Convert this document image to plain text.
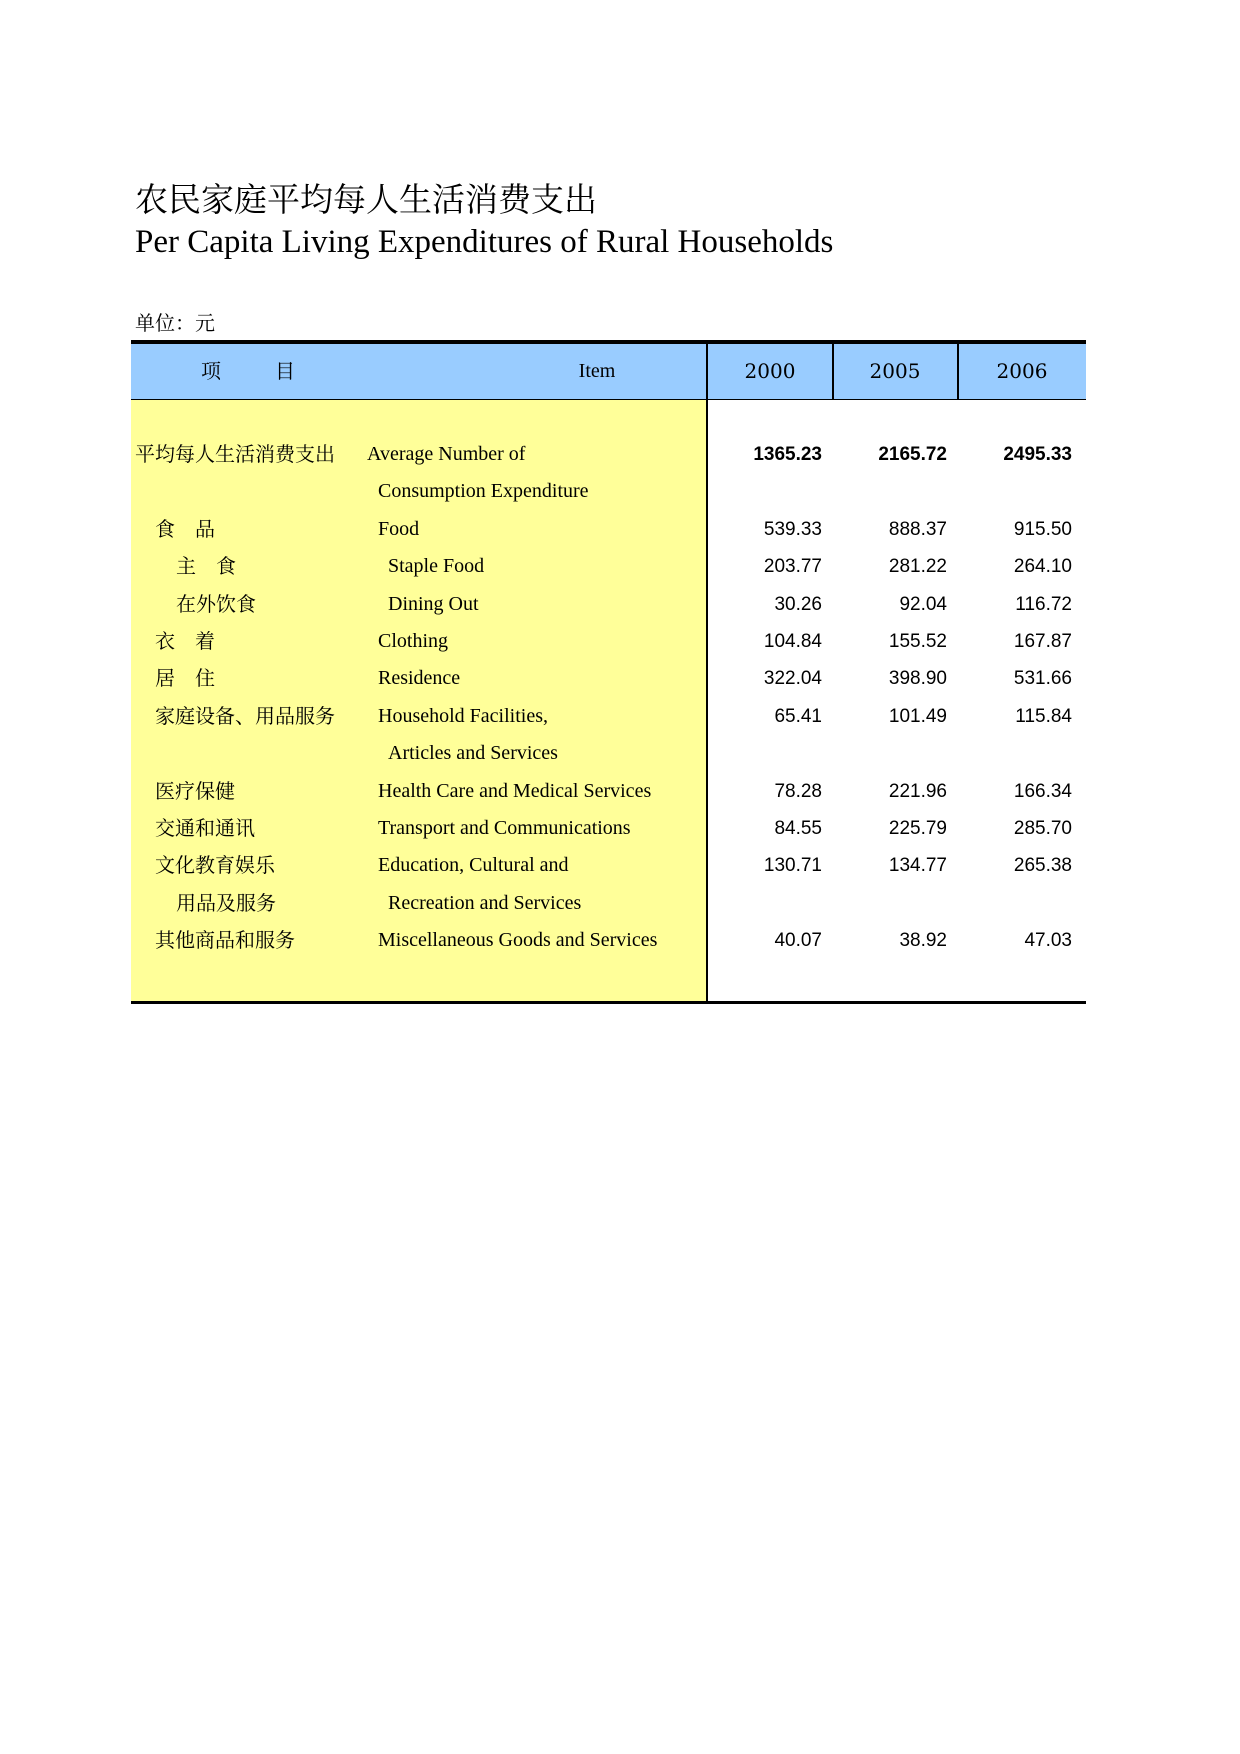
农民家庭平均每人生活消费支出
Per Capita Living Expenditures of Rural Households
单位：元
项	目	Item	2000	2005	2006
平均每人生活消费支出 Average Number of	1365.23	2165.72	2495.33
Consumption Expenditure
食　品	Food	539.33	888.37	915.50
主　食	Staple Food	203.77	281.22	264.10
在外饮食	Dining Out	30.26	92.04	116.72
衣　着	Clothing	104.84	155.52	167.87
居　住	Residence	322.04	398.90	531.66
家庭设备、用品服务 Household Facilities,	65.41	101.49	115.84
Articles and Services
医疗保健	Health Care and Medical Services	78.28	221.96	166.34
交通和通讯	Transport and Communications	84.55	225.79	285.70
文化教育娱乐	Education, Cultural and	130.71	134.77	265.38
用品及服务	Recreation and Services
其他商品和服务	Miscellaneous Goods and Services	40.07	38.92	47.03
